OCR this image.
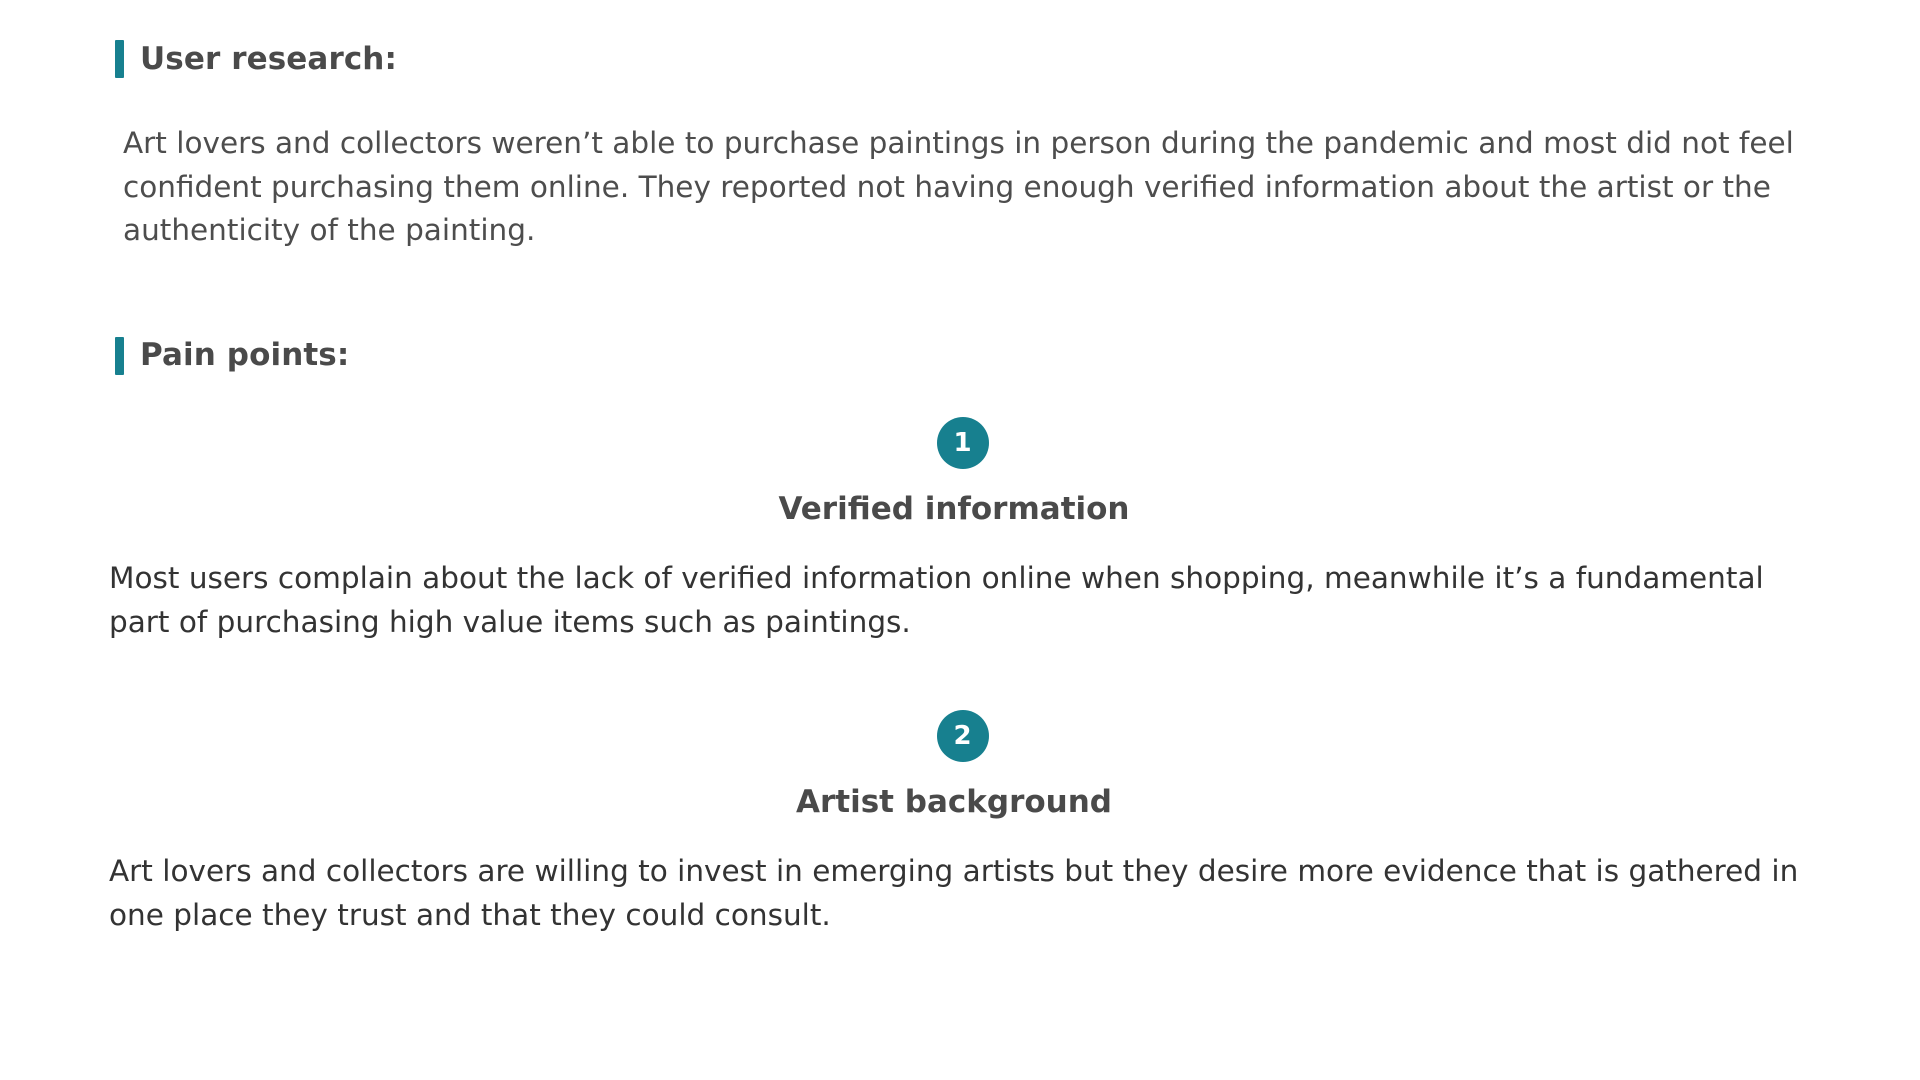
User research:

Art lovers and collectors weren’t able to purchase paintings in person during the pandemic and most did not feel confident purchasing them online. They reported not having enough verified information about the artist or the authenticity of the painting.

Pain points:
1
Verified information

Most users complain about the lack of verified information online when shopping, meanwhile it’s a fundamental part of purchasing high value items such as paintings.

2
Artist background

Art lovers and collectors are willing to invest in emerging artists but they desire more evidence that is gathered in one place they trust and that they could consult.
